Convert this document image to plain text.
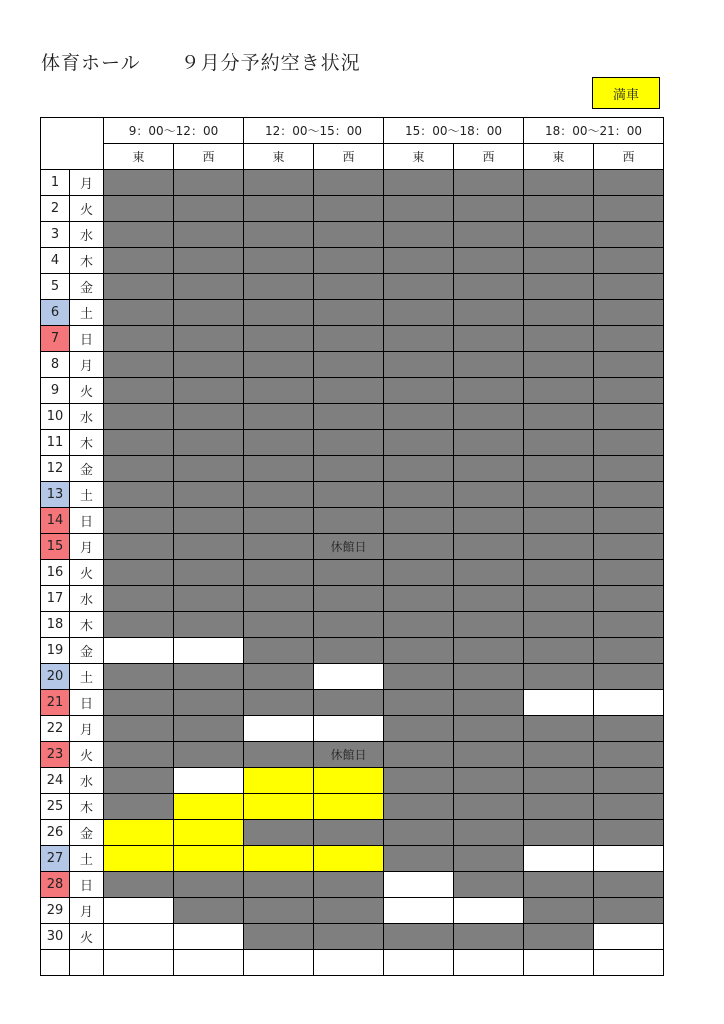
体育ホール　　９月分予約空き状況
満車
		9：00～12：00		12：00～15：00		15：00～18：00		18：00～21：00	
		東	西	東	西	東	西	東	西
1	月								
2	火								
3	水								
4	木								
5	金								
6	土								
7	日								
8	月								
9	火								
10	水								
11	木								
12	金								
13	土								
14	日								
15	月				休館日				
16	火								
17	水								
18	木								
19	金								
20	土								
21	日								
22	月								
23	火				休館日				
24	水								
25	木								
26	金								
27	土								
28	日								
29	月								
30	火								
